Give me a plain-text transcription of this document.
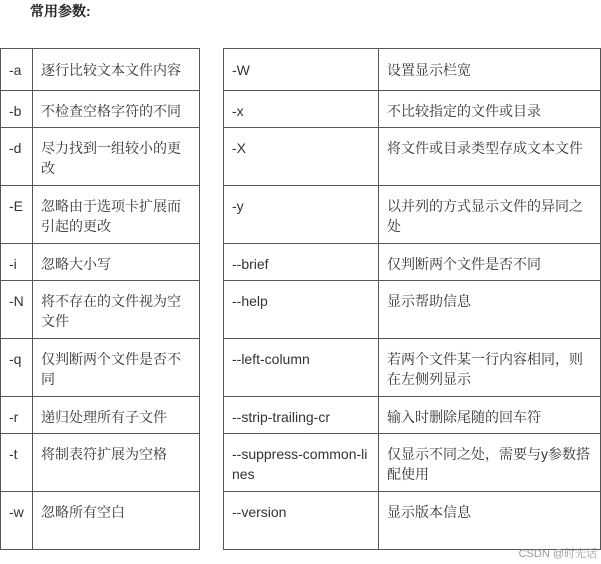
常用参数:
-a	逐行比较文本文件内容		-W	设置显示栏宽
-b	不检查空格字符的不同		-x	不比较指定的文件或目录
-d	尽力找到一组较小的更改		-X	将文件或目录类型存成文本文件
-E	忽略由于选项卡扩展而引起的更改		-y	以并列的方式显示文件的异同之处
-i	忽略大小写		--brief	仅判断两个文件是否不同
-N	将不存在的文件视为空文件		--help	显示帮助信息
-q	仅判断两个文件是否不同		--left-column	若两个文件某一行内容相同，则在左侧列显示
-r	递归处理所有子文件		--strip-trailing-cr	输入时删除尾随的回车符
-t	将制表符扩展为空格		--suppress-common-lines	仅显示不同之处，需要与y参数搭配使用
-w	忽略所有空白		--version	显示版本信息
CSDN @时光话
